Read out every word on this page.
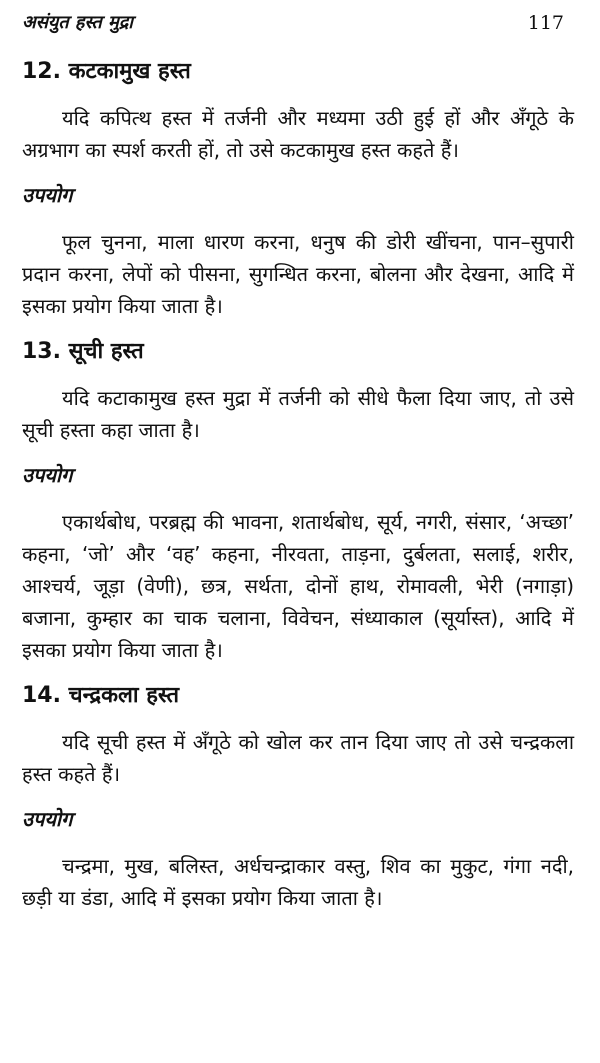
असंयुत हस्त मुद्रा	117
12. कटकामुख हस्त

यदि कपित्थ हस्त में तर्जनी और मध्यमा उठी हुई हों और अँगूठे के अग्रभाग का स्पर्श करती हों, तो उसे कटकामुख हस्त कहते हैं।

उपयोग

फूल चुनना, माला धारण करना, धनुष की डोरी खींचना, पान–सुपारी प्रदान करना, लेपों को पीसना, सुगन्धित करना, बोलना और देखना, आदि में इसका प्रयोग किया जाता है।

13. सूची हस्त

यदि कटाकामुख हस्त मुद्रा में तर्जनी को सीधे फैला दिया जाए, तो उसे सूची हस्ता कहा जाता है।

उपयोग

एकार्थबोध, परब्रह्म की भावना, शतार्थबोध, सूर्य, नगरी, संसार, ‘अच्छा’ कहना, ‘जो’ और ‘वह’ कहना, नीरवता, ताड़ना, दुर्बलता, सलाई, शरीर, आश्चर्य, जूड़ा (वेणी), छत्र, सर्थता, दोनों हाथ, रोमावली, भेरी (नगाड़ा) बजाना, कुम्हार का चाक चलाना, विवेचन, संध्याकाल (सूर्यास्त), आदि में इसका प्रयोग किया जाता है।

14. चन्द्रकला हस्त

यदि सूची हस्त में अँगूठे को खोल कर तान दिया जाए तो उसे चन्द्रकला हस्त कहते हैं।

उपयोग

चन्द्रमा, मुख, बलिस्त, अर्धचन्द्राकार वस्तु, शिव का मुकुट, गंगा नदी, छड़ी या डंडा, आदि में इसका प्रयोग किया जाता है।
